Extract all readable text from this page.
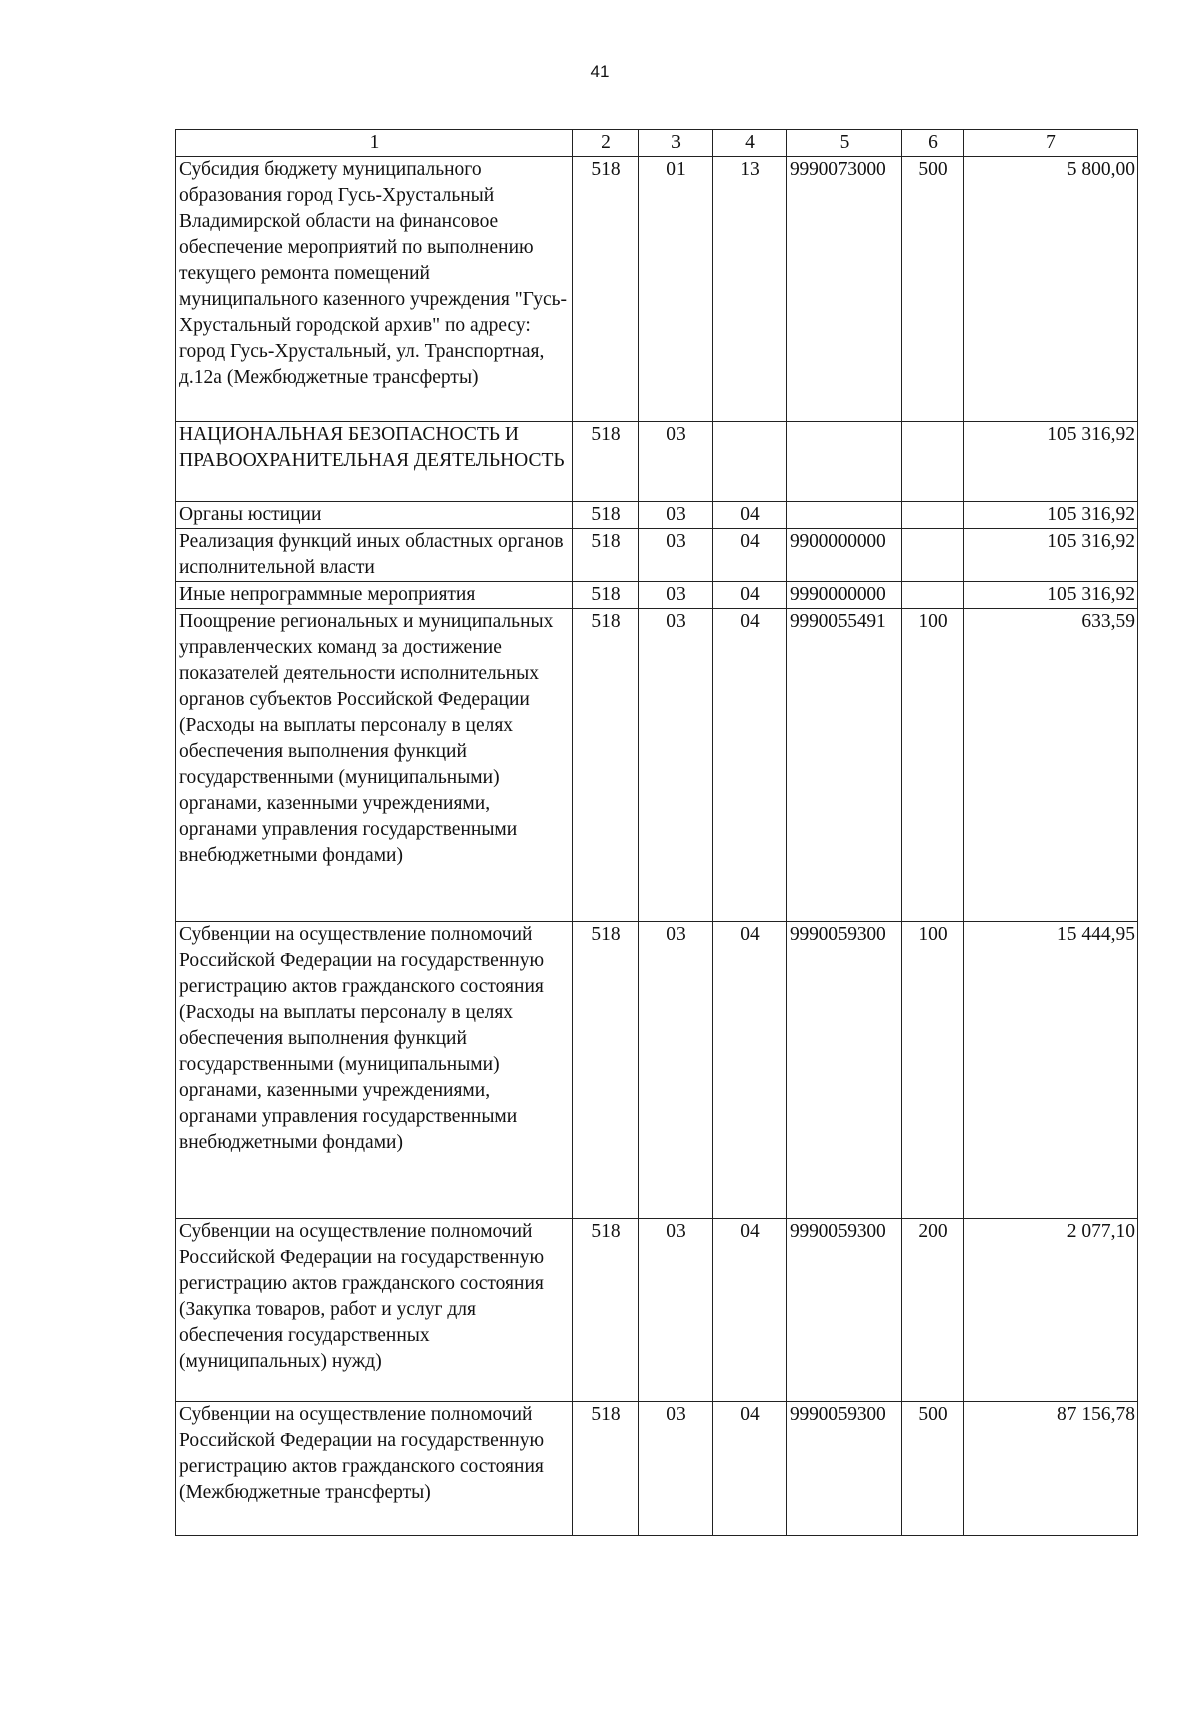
41
1	2	3	4	5	6	7
Субсидия бюджету муниципального образования город Гусь-Хрустальный Владимирской области на финансовое обеспечение мероприятий по выполнению текущего ремонта помещений муниципального казенного учреждения "Гусь-Хрустальный городской архив" по адресу: город Гусь-Хрустальный, ул. Транспортная, д.12а (Межбюджетные трансферты)	518	01	13	9990073000	500	5 800,00
НАЦИОНАЛЬНАЯ БЕЗОПАСНОСТЬ И ПРАВООХРАНИТЕЛЬНАЯ ДЕЯТЕЛЬНОСТЬ	518	03				105 316,92
Органы юстиции	518	03	04			105 316,92
Реализация функций иных областных органов исполнительной власти	518	03	04	9900000000		105 316,92
Иные непрограммные мероприятия	518	03	04	9990000000		105 316,92
Поощрение региональных и муниципальных управленческих команд за достижение показателей деятельности исполнительных органов субъектов Российской Федерации (Расходы на выплаты персоналу в целях обеспечения выполнения функций государственными (муниципальными) органами, казенными учреждениями, органами управления государственными внебюджетными фондами)	518	03	04	9990055491	100	633,59
Субвенции на осуществление полномочий Российской Федерации на государственную регистрацию актов гражданского состояния (Расходы на выплаты персоналу в целях обеспечения выполнения функций государственными (муниципальными) органами, казенными учреждениями, органами управления государственными внебюджетными фондами)	518	03	04	9990059300	100	15 444,95
Субвенции на осуществление полномочий Российской Федерации на государственную регистрацию актов гражданского состояния (Закупка товаров, работ и услуг для обеспечения государственных (муниципальных) нужд)	518	03	04	9990059300	200	2 077,10
Субвенции на осуществление полномочий Российской Федерации на государственную регистрацию актов гражданского состояния (Межбюджетные трансферты)	518	03	04	9990059300	500	87 156,78
